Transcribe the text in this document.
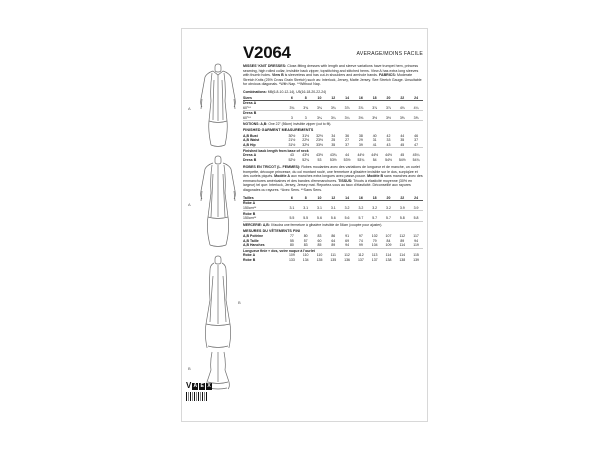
A
A
B
B
V A E X
V2064	AVERAGE/MOINS FACILE

MISSES' KNIT DRESSES: Close-fitting dresses with length and sleeve variations have trumpet hem, princess seaming, high rolled collar, invisible back zipper, topstitching and stitched hems. View A has extra long sleeves with thumb holes. View B is sleeveless and has cut-in shoulders and armhole bands. FABRICS: Moderate Stretch Knits (25% Cross Grain Stretch) such as: Interlock, Jersey, Matte Jersey. See Stretch Gauge. Unsuitable for obvious diagonals. *With Nap. **Without Nap.

Combinations: M5(6-8-10-12-14), U5(16-18-20-22-24)

Sizes	6	8	10	12	14	16	18	20	22	24
Dress A										
60"**	3¾	3¾	3¾	3¾	3⅞	3⅞	3⅞	3⅞	4⅛	4¼
Dress B										
60"**	3	3	3¼	3¼	3¼	3⅜	3½	3½	3⅝	3⅝

NOTIONS: A,B: One 22" (56cm) invisible zipper (cut to fit).

FINISHED GARMENT MEASUREMENTS
A,B Bust	30½	31½	32½	34	36	38	40	42	44	46
A,B Waist	21½	22½	23½	25	27	29	31	33	35	37
A,B Hip	31½	32½	33½	35	37	39	41	43	45	47
Finished back length from base of neck										
Dress A	43	43½	43½	43¾	44	44½	44½	44½	45	45¼
Dress B	52½	52¾	53	53½	53½	53¾	54	54½	54½	54¾

ROBES EN TRICOT (L. FEMMES): Robes moulantes avec des variations de longueur et de manche, un ourlet trompette, découpe princesse, du col montant roulé, une fermeture à glissière invisible sur le dos, surpiqûre et des ourlets piqués. Modèle A aux manches extra longues avec passe-pouce. Modèle B sans manches avec des emmanchures américaines et des bandes d'emmanchures. TISSUS: Tricots à élasticité moyenne (30% en largeur) tel que: Interlock, Jersey, Jersey mat. Reportez-vous au taux d'élasticité. Déconseillé aux rayures diagonales ou rayures. *Avec Sens. **Sans Sens.

Tailles	6	8	10	12	14	16	18	20	22	24
Robe A										
150cm**	3.1	3.1	3.1	3.1	3.2	3.2	3.2	3.2	3.9	3.9
Robe B										
150cm**	5.5	5.5	5.6	5.6	5.6	5.7	5.7	5.7	5.8	5.8

MERCERIE: A,B: Il faudra une fermeture à glissière invisible de 56cm (coupée pour ajuster).

MESURES DU VÊTEMENTS FINI
A,B Poitrine	77	80	83	86	91	97	102	107	112	117
A,B Taille	55	57	60	64	69	74	79	84	89	94
A,B Hanches	80	83	85	89	94	99	104	109	114	119
Longueur finie « dos, votre nuque à l'ourlet										
Robe A	109	110	110	111	112	112	113	114	114	115
Robe B	133	134	135	135	136	137	137	138	138	139
